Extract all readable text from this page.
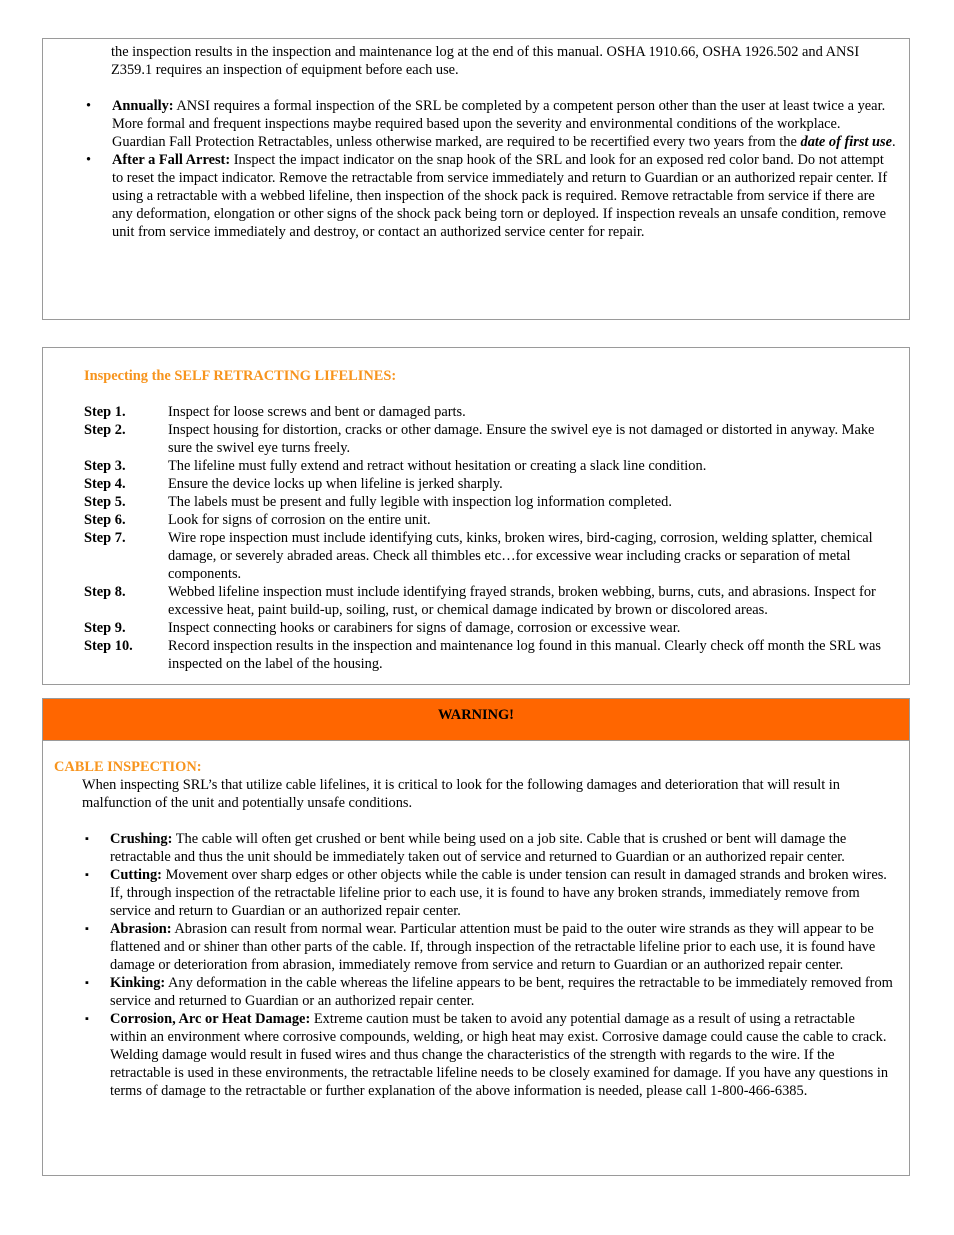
the inspection results in the inspection and maintenance log at the end of this manual. OSHA 1910.66, OSHA 1926.502 and ANSI Z359.1 requires an inspection of equipment before each use.

• Annually: ANSI requires a formal inspection of the SRL be completed by a competent person other than the user at least twice a year. More formal and frequent inspections maybe required based upon the severity and environmental conditions of the workplace. Guardian Fall Protection Retractables, unless otherwise marked, are required to be recertified every two years from the date of first use.
• After a Fall Arrest: Inspect the impact indicator on the snap hook of the SRL and look for an exposed red color band. Do not attempt to reset the impact indicator. Remove the retractable from service immediately and return to Guardian or an authorized repair center. If using a retractable with a webbed lifeline, then inspection of the shock pack is required. Remove retractable from service if there are any deformation, elongation or other signs of the shock pack being torn or deployed. If inspection reveals an unsafe condition, remove unit from service immediately and destroy, or contact an authorized service center for repair.
Inspecting the SELF RETRACTING LIFELINES:
Step 1.	Inspect for loose screws and bent or damaged parts.
Step 2.	Inspect housing for distortion, cracks or other damage. Ensure the swivel eye is not damaged or distorted in anyway. Make sure the swivel eye turns freely.
Step 3.	The lifeline must fully extend and retract without hesitation or creating a slack line condition.
Step 4.	Ensure the device locks up when lifeline is jerked sharply.
Step 5.	The labels must be present and fully legible with inspection log information completed.
Step 6.	Look for signs of corrosion on the entire unit.
Step 7.	Wire rope inspection must include identifying cuts, kinks, broken wires, bird-caging, corrosion, welding splatter, chemical damage, or severely abraded areas. Check all thimbles etc…for excessive wear including cracks or separation of metal components.
Step 8.	Webbed lifeline inspection must include identifying frayed strands, broken webbing, burns, cuts, and abrasions. Inspect for excessive heat, paint build-up, soiling, rust, or chemical damage indicated by brown or discolored areas.
Step 9.	Inspect connecting hooks or carabiners for signs of damage, corrosion or excessive wear.
Step 10. Record inspection results in the inspection and maintenance log found in this manual. Clearly check off month the SRL was inspected on the label of the housing.
WARNING!
CABLE INSPECTION:

When inspecting SRL’s that utilize cable lifelines, it is critical to look for the following damages and deterioration that will result in malfunction of the unit and potentially unsafe conditions.

▪ Crushing: The cable will often get crushed or bent while being used on a job site. Cable that is crushed or bent will damage the retractable and thus the unit should be immediately taken out of service and returned to Guardian or an authorized repair center.
▪ Cutting: Movement over sharp edges or other objects while the cable is under tension can result in damaged strands and broken wires. If, through inspection of the retractable lifeline prior to each use, it is found to have any broken strands, immediately remove from service and return to Guardian or an authorized repair center.
▪ Abrasion: Abrasion can result from normal wear. Particular attention must be paid to the outer wire strands as they will appear to be flattened and or shiner than other parts of the cable. If, through inspection of the retractable lifeline prior to each use, it is found have damage or deterioration from abrasion, immediately remove from service and return to Guardian or an authorized repair center.
▪ Kinking: Any deformation in the cable whereas the lifeline appears to be bent, requires the retractable to be immediately removed from service and returned to Guardian or an authorized repair center.
▪ Corrosion, Arc or Heat Damage: Extreme caution must be taken to avoid any potential damage as a result of using a retractable within an environment where corrosive compounds, welding, or high heat may exist. Corrosive damage could cause the cable to crack. Welding damage would result in fused wires and thus change the characteristics of the strength with regards to the wire. If the retractable is used in these environments, the retractable lifeline needs to be closely examined for damage. If you have any questions in terms of damage to the retractable or further explanation of the above information is needed, please call 1-800-466-6385.
